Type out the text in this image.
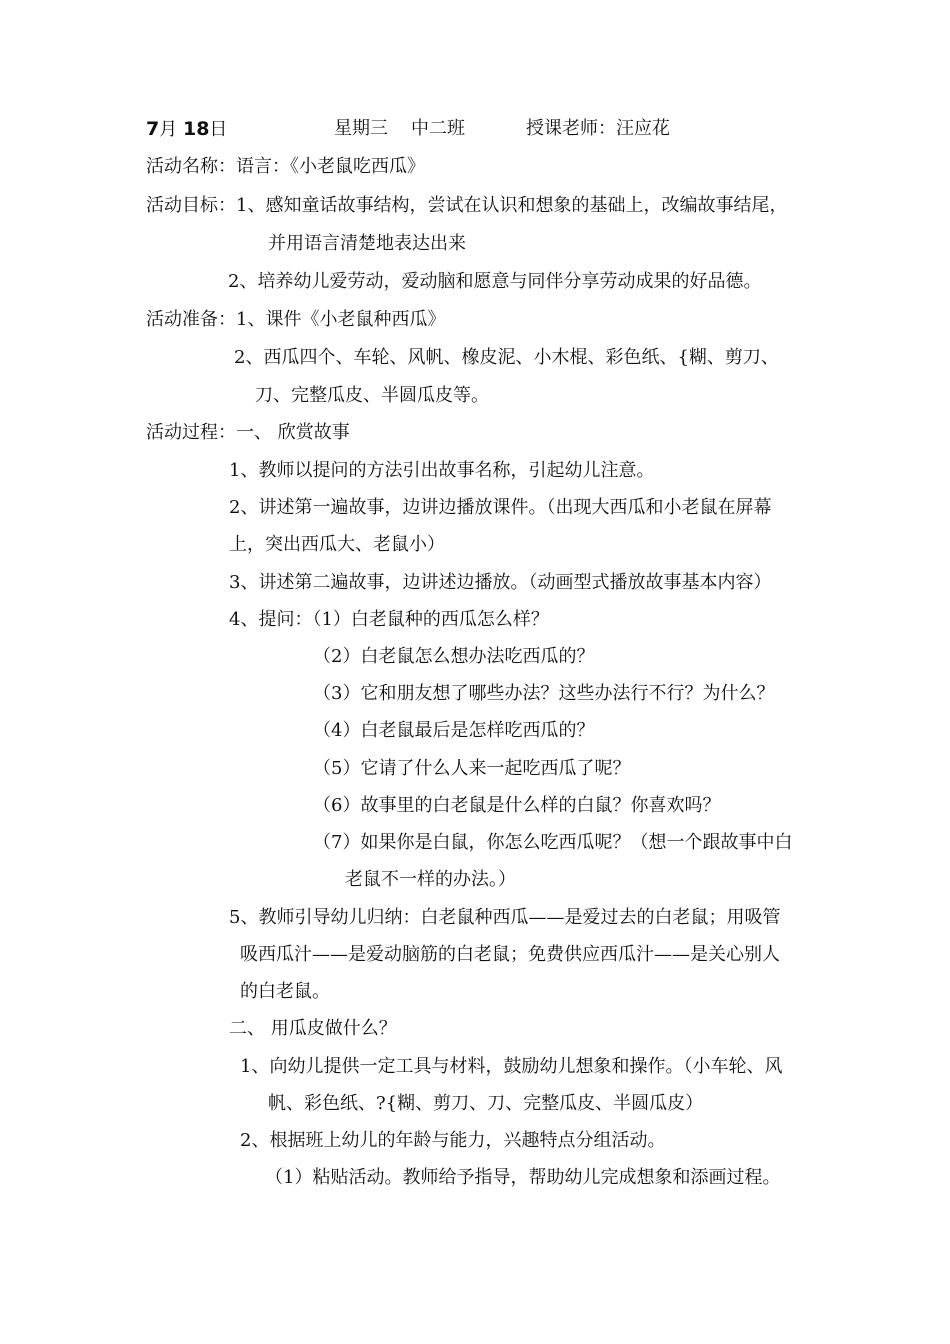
7月 18日	星期三 中二班	授课老师：汪应花
活动名称：语言：《小老鼠吃西瓜》
活动目标：1、感知童话故事结构，尝试在认识和想象的基础上，改编故事结尾，
并用语言清楚地表达出来
2、培养幼儿爱劳动，爱动脑和愿意与同伴分享劳动成果的好品德。
活动准备：1、课件《小老鼠种西瓜》
2、西瓜四个、车轮、风帆、橡皮泥、小木棍、彩色纸、{糊、剪刀、
刀、完整瓜皮、半圆瓜皮等。
活动过程：一、 欣赏故事
1、教师以提问的方法引出故事名称，引起幼儿注意。
2、讲述第一遍故事，边讲边播放课件。（出现大西瓜和小老鼠在屏幕
上，突出西瓜大、老鼠小）
3、讲述第二遍故事，边讲述边播放。（动画型式播放故事基本内容）
4、提问：（1）白老鼠种的西瓜怎么样？
（2）白老鼠怎么想办法吃西瓜的？
（3）它和朋友想了哪些办法？这些办法行不行？为什么？
（4）白老鼠最后是怎样吃西瓜的？
（5）它请了什么人来一起吃西瓜了呢？
（6）故事里的白老鼠是什么样的白鼠？你喜欢吗？
（7）如果你是白鼠，你怎么吃西瓜呢？（想一个跟故事中白
老鼠不一样的办法。）
5、教师引导幼儿归纳：白老鼠种西瓜——是爱过去的白老鼠；用吸管
吸西瓜汁——是爱动脑筋的白老鼠；免费供应西瓜汁——是关心别人
的白老鼠。
二、 用瓜皮做什么？
1、向幼儿提供一定工具与材料，鼓励幼儿想象和操作。（小车轮、风
帆、彩色纸、?{糊、剪刀、刀、完整瓜皮、半圆瓜皮）
2、根据班上幼儿的年龄与能力，兴趣特点分组活动。
（1）粘贴活动。教师给予指导，帮助幼儿完成想象和添画过程。
